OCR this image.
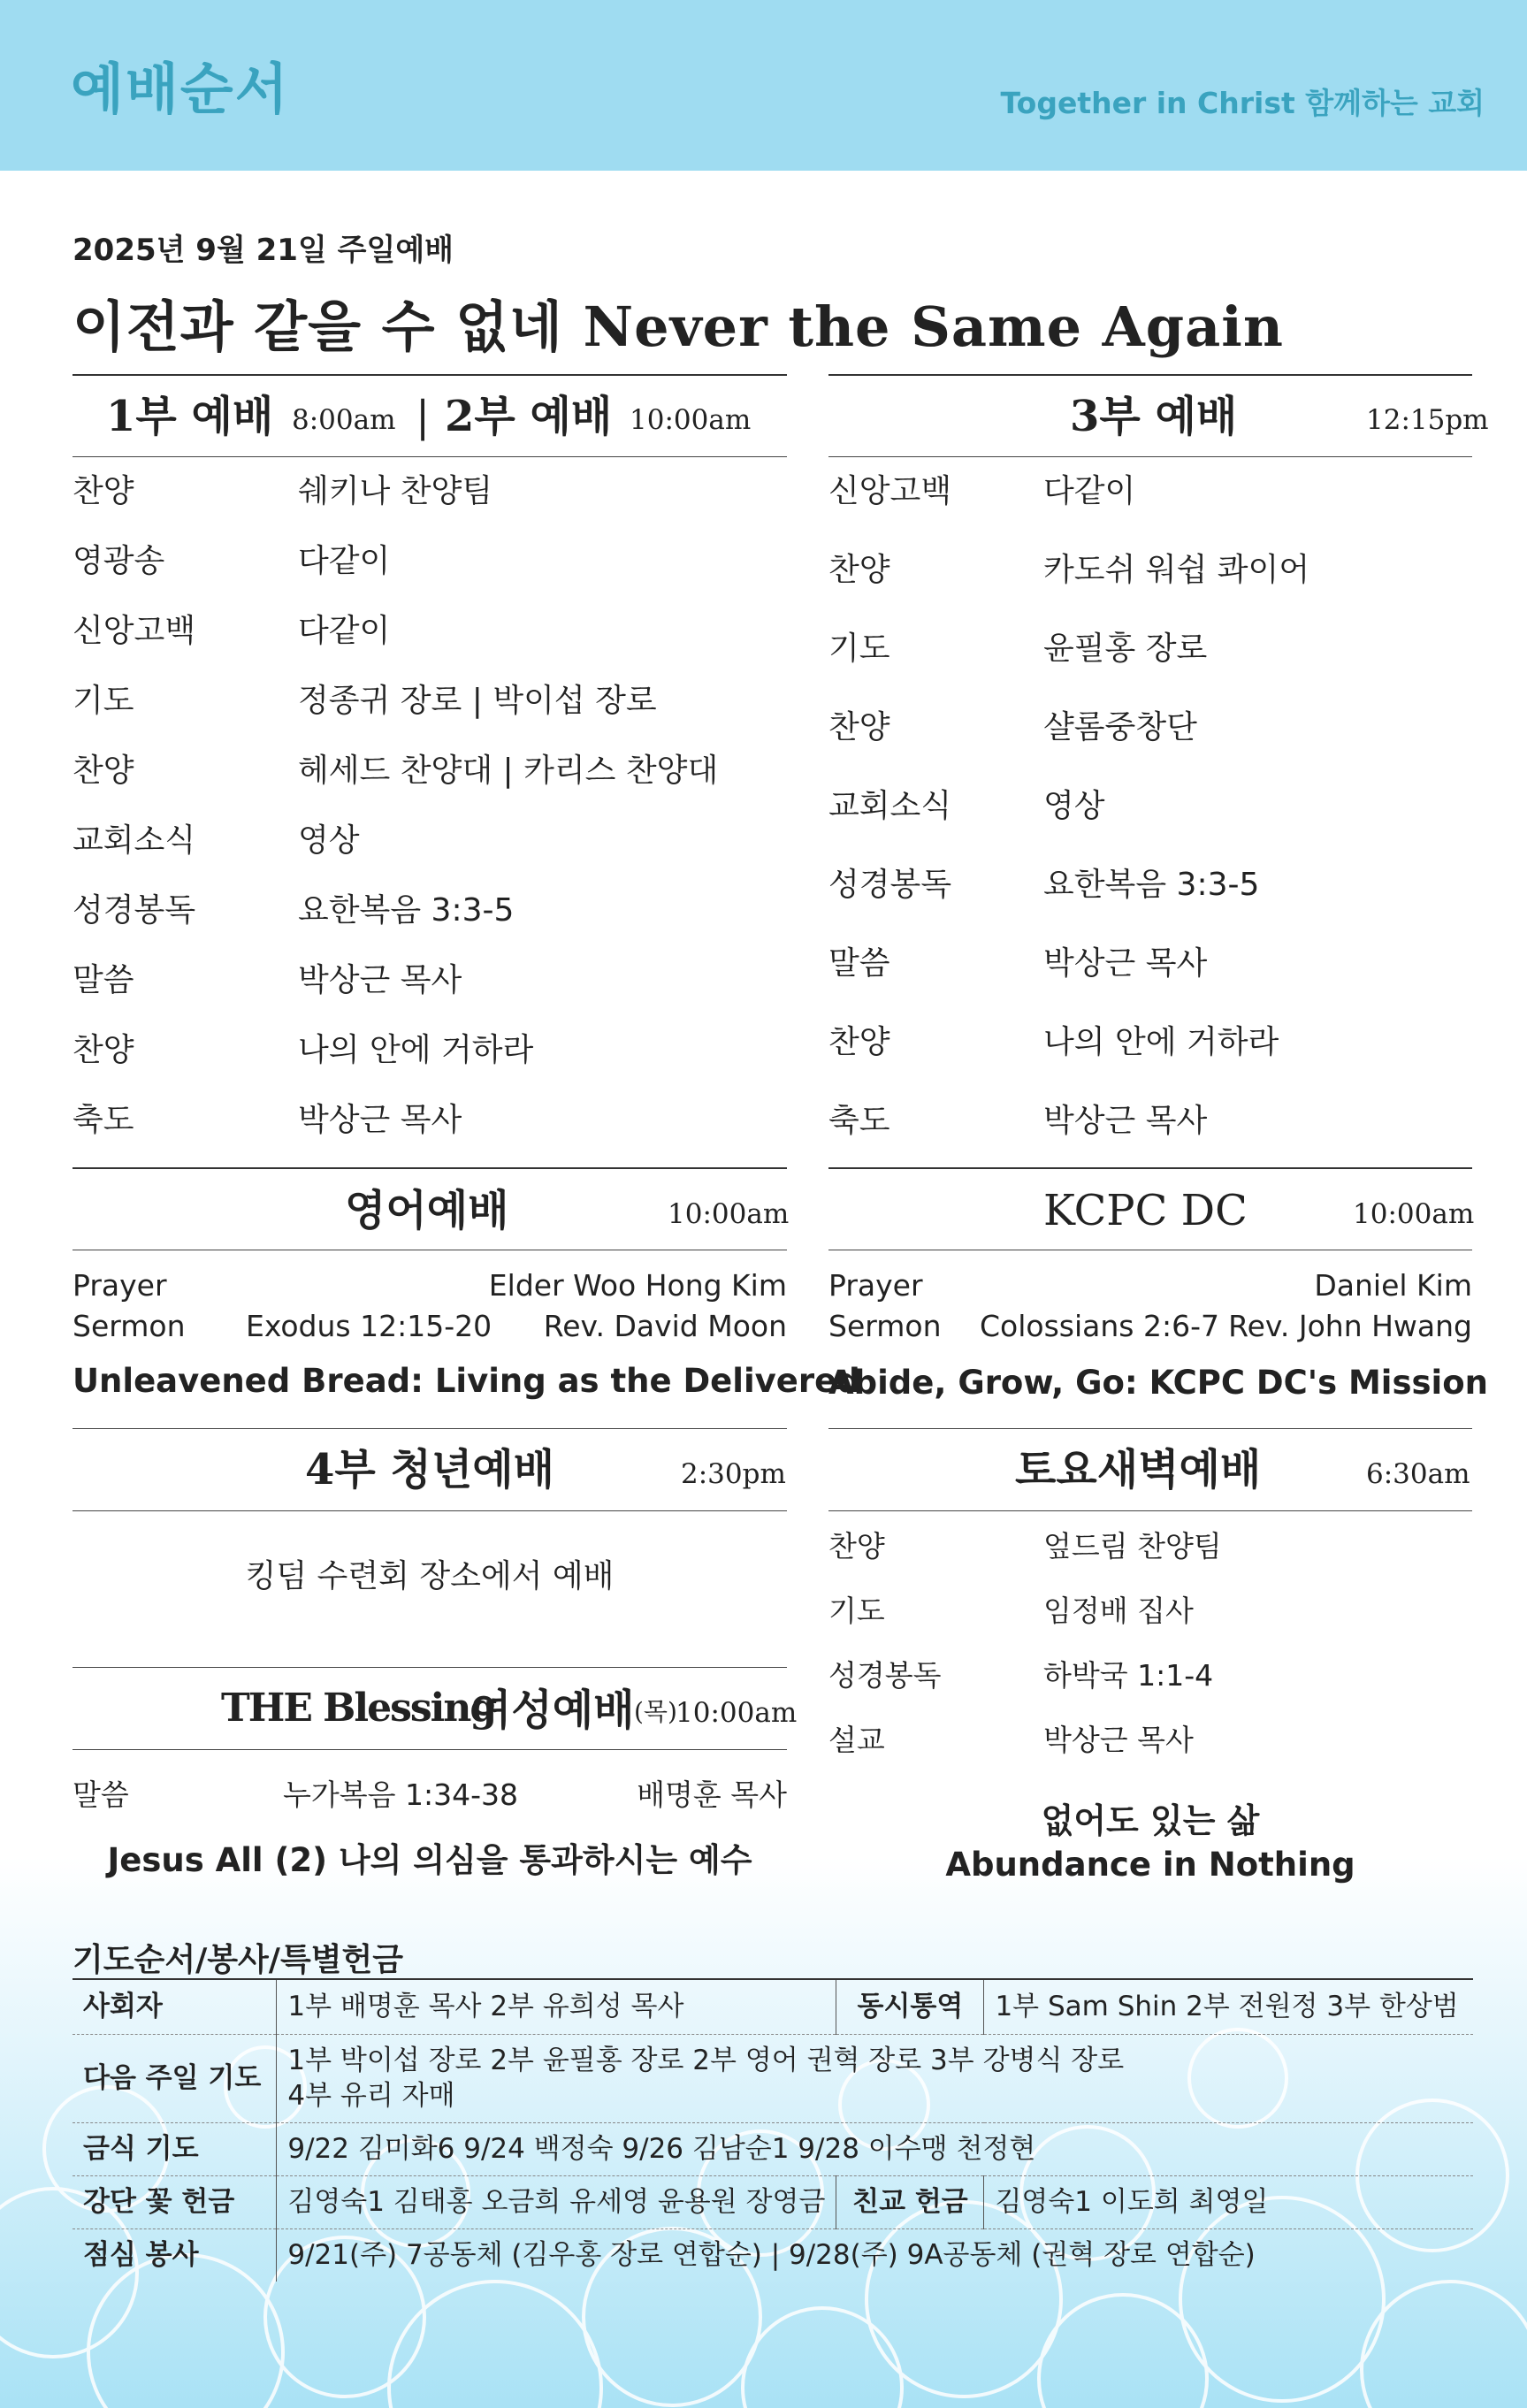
예배순서	Together in Christ 함께하는 교회
2025년 9월 21일 주일예배
이전과 같을 수 없네 Never the Same Again
1부 예배 8:00am | 2부 예배 10:00am
찬양	쉐키나 찬양팀
영광송	다같이
신앙고백	다같이
기도	정종귀 장로 | 박이섭 장로
찬양	헤세드 찬양대 | 카리스 찬양대
교회소식	영상
성경봉독	요한복음 3:3-5
말씀	박상근 목사
찬양	나의 안에 거하라
축도	박상근 목사
3부 예배	12:15pm
신앙고백	다같이
찬양	카도쉬 워쉽 콰이어
기도	윤필홍 장로
찬양	샬롬중창단
교회소식	영상
성경봉독	요한복음 3:3-5
말씀	박상근 목사
찬양	나의 안에 거하라
축도	박상근 목사
영어예배	10:00am
Prayer	Elder Woo Hong Kim
Sermon Exodus 12:15-20 Rev. David Moon
Unleavened Bread: Living as the Delivered
KCPC DC	10:00am
Prayer	Daniel Kim
Sermon Colossians 2:6-7 Rev. John Hwang
Abide, Grow, Go: KCPC DC's Mission
4부 청년예배	2:30pm
킹덤 수련회 장소에서 예배
THE Blessing
여성예배 (목)
10:00am
말씀	누가복음 1:34-38	배명훈 목사
Jesus All (2) 나의 의심을 통과하시는 예수
토요새벽예배	6:30am
찬양	엎드림 찬양팀
기도	임정배 집사
성경봉독	하박국 1:1-4
설교	박상근 목사
없어도 있는 삶
Abundance in Nothing
기도순서/봉사/특별헌금
사회자	1부 배명훈 목사 2부 유희성 목사	동시통역	1부 Sam Shin 2부 전원정 3부 한상범
다음 주일 기도	1부 박이섭 장로 2부 윤필홍 장로 2부 영어 권혁 장로 3부 강병식 장로
4부 유리 자매		

금식 기도	9/22 김미화6 9/24 백정숙 9/26 김남순1 9/28 이수맹 천정현		
강단 꽃 헌금	김영숙1 김태홍 오금희 유세영 윤용원 장영금	친교 헌금	김영숙1 이도희 최영일
점심 봉사	9/21(주) 7공동체 (김우홍 장로 연합순) | 9/28(주) 9A공동체 (권혁 장로 연합순)		
